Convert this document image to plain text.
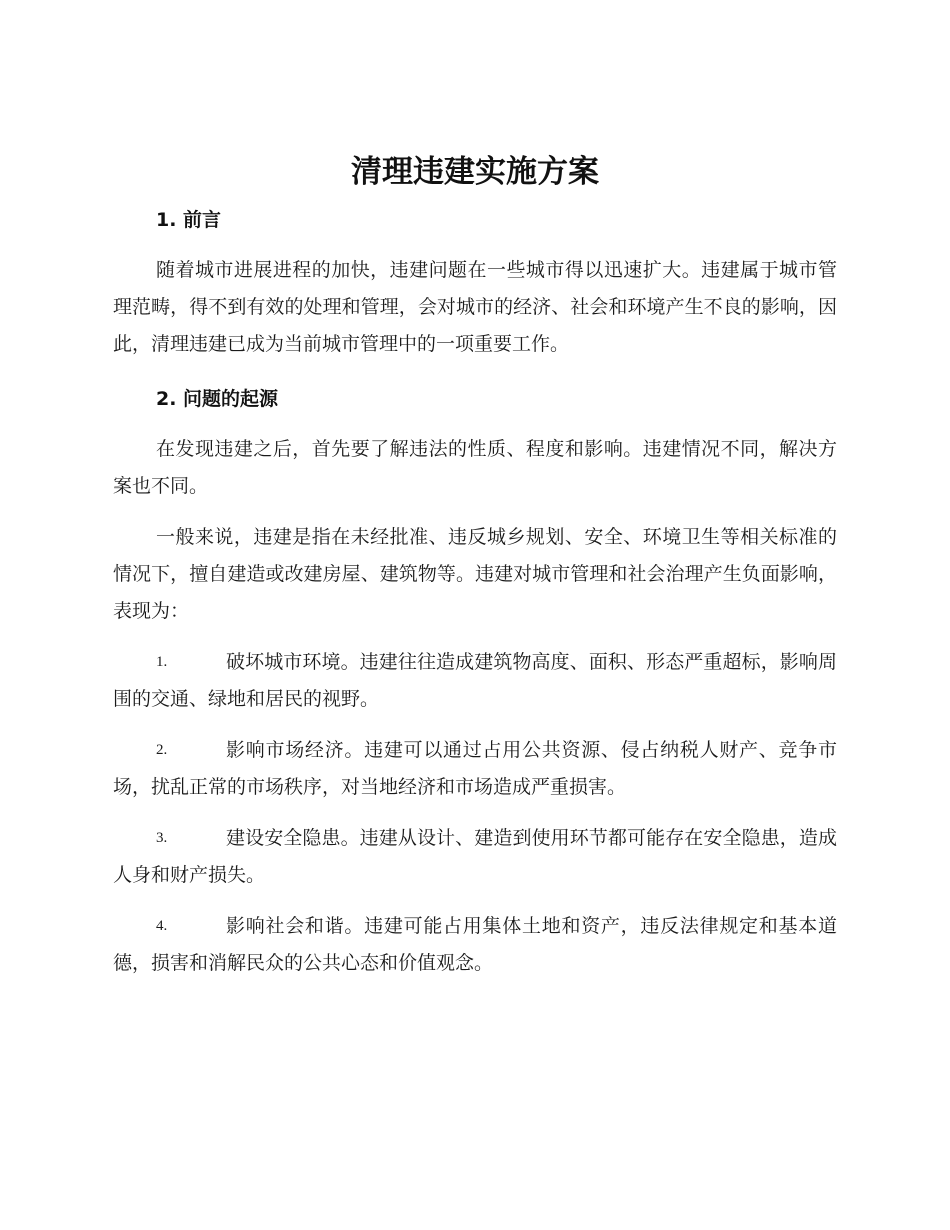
清理违建实施方案
1. 前言

随着城市进展进程的加快，违建问题在一些城市得以迅速扩大。违建属于城市管理范畴，得不到有效的处理和管理，会对城市的经济、社会和环境产生不良的影响，因此，清理违建已成为当前城市管理中的一项重要工作。

2. 问题的起源

在发现违建之后，首先要了解违法的性质、程度和影响。违建情况不同，解决方案也不同。

一般来说，违建是指在未经批准、违反城乡规划、安全、环境卫生等相关标准的情况下，擅自建造或改建房屋、建筑物等。违建对城市管理和社会治理产生负面影响，表现为：

1.	破坏城市环境。违建往往造成建筑物高度、面积、形态严重超标，影响周围的交通、绿地和居民的视野。
2.	影响市场经济。违建可以通过占用公共资源、侵占纳税人财产、竞争市场，扰乱正常的市场秩序，对当地经济和市场造成严重损害。
3.	建设安全隐患。违建从设计、建造到使用环节都可能存在安全隐患，造成人身和财产损失。
4.	影响社会和谐。违建可能占用集体土地和资产，违反法律规定和基本道德，损害和消解民众的公共心态和价值观念。
